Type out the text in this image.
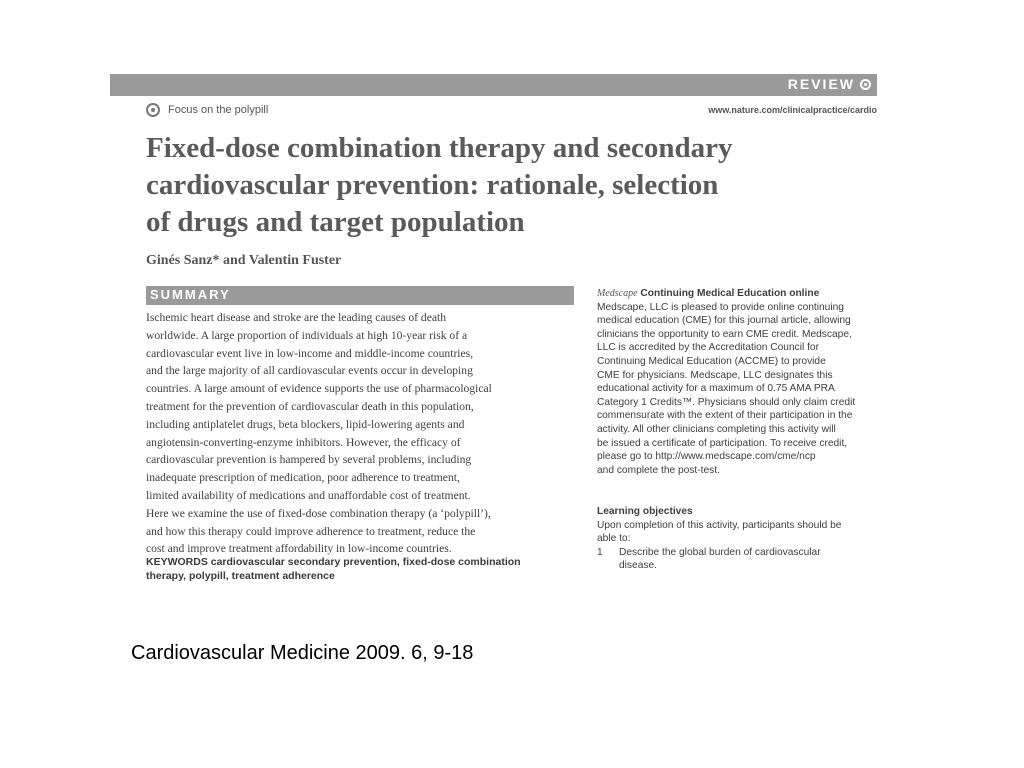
REVIEW
Focus on the polypill	www.nature.com/clinicalpractice/cardio
Fixed-dose combination therapy and secondary
cardiovascular prevention: rationale, selection
of drugs and target population
Ginés Sanz* and Valentin Fuster
SUMMARY
Ischemic heart disease and stroke are the leading causes of death
worldwide. A large proportion of individuals at high 10-year risk of a
cardiovascular event live in low-income and middle-income countries,
and the large majority of all cardiovascular events occur in developing
countries. A large amount of evidence supports the use of pharmacological
treatment for the prevention of cardiovascular death in this population,
including antiplatelet drugs, beta blockers, lipid-lowering agents and
angiotensin-converting-enzyme inhibitors. However, the efficacy of
cardiovascular prevention is hampered by several problems, including
inadequate prescription of medication, poor adherence to treatment,
limited availability of medications and unaffordable cost of treatment.
Here we examine the use of fixed-dose combination therapy (a ‘polypill’),
and how this therapy could improve adherence to treatment, reduce the
cost and improve treatment affordability in low-income countries.
KEYWORDS cardiovascular secondary prevention, fixed-dose combination
therapy, polypill, treatment adherence
Medscape Continuing Medical Education online
Medscape, LLC is pleased to provide online continuing
medical education (CME) for this journal article, allowing
clinicians the opportunity to earn CME credit. Medscape,
LLC is accredited by the Accreditation Council for
Continuing Medical Education (ACCME) to provide
CME for physicians. Medscape, LLC designates this
educational activity for a maximum of 0.75 AMA PRA
Category 1 Credits™. Physicians should only claim credit
commensurate with the extent of their participation in the
activity. All other clinicians completing this activity will
be issued a certificate of participation. To receive credit,
please go to http://www.medscape.com/cme/ncp
and complete the post-test.
Learning objectives
Upon completion of this activity, participants should be
able to:
1	Describe the global burden of cardiovascular
disease.
Cardiovascular Medicine 2009. 6, 9-18
